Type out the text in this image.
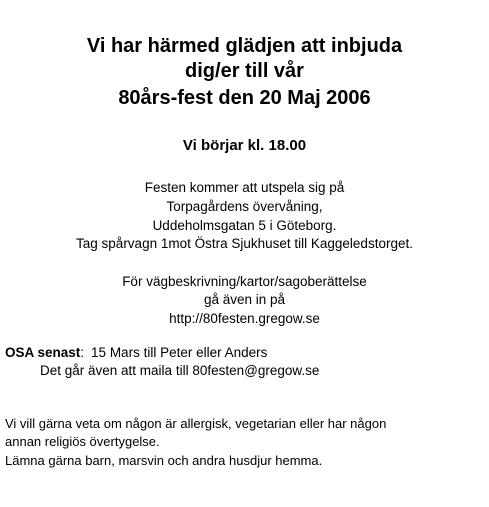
Vi har härmed glädjen att inbjuda
dig/er till vår
80års-fest den 20 Maj 2006
Vi börjar kl. 18.00
Festen kommer att utspela sig på
Torpagårdens övervåning,
Uddeholmsgatan 5 i Göteborg.
Tag spårvagn 1mot Östra Sjukhuset till Kaggeledstorget.
För vägbeskrivning/kartor/sagoberättelse
gå även in på
http://80festen.gregow.se
OSA senast: 15 Mars till Peter eller Anders
Det går även att maila till 80festen@gregow.se
Vi vill gärna veta om någon är allergisk, vegetarian eller har någon
annan religiös övertygelse.
Lämna gärna barn, marsvin och andra husdjur hemma.
